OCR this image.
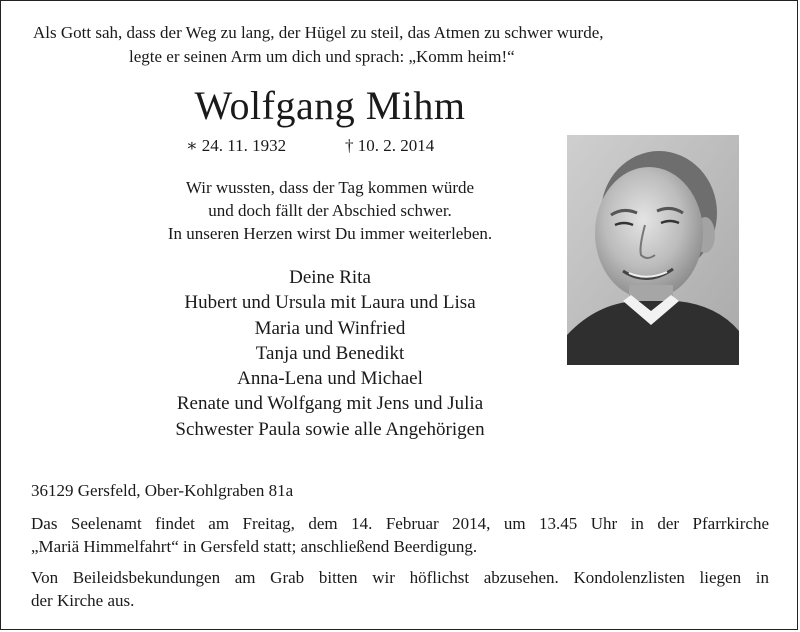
Als Gott sah, dass der Weg zu lang, der Hügel zu steil, das Atmen zu schwer wurde,
legte er seinen Arm um dich und sprach: „Komm heim!“
Wolfgang Mihm
∗ 24. 11. 1932	† 10. 2. 2014
Wir wussten, dass der Tag kommen würde
und doch fällt der Abschied schwer.
In unseren Herzen wirst Du immer weiterleben.
Deine Rita
Hubert und Ursula mit Laura und Lisa
Maria und Winfried
Tanja und Benedikt
Anna-Lena und Michael
Renate und Wolfgang mit Jens und Julia
Schwester Paula sowie alle Angehörigen
36129 Gersfeld, Ober-Kohlgraben 81a
Das Seelenamt findet am Freitag, dem 14. Februar 2014, um 13.45 Uhr in der Pfarrkirche
„Mariä Himmelfahrt“ in Gersfeld statt; anschließend Beerdigung.
Von Beileidsbekundungen am Grab bitten wir höflichst abzusehen. Kondolenzlisten liegen in
der Kirche aus.
